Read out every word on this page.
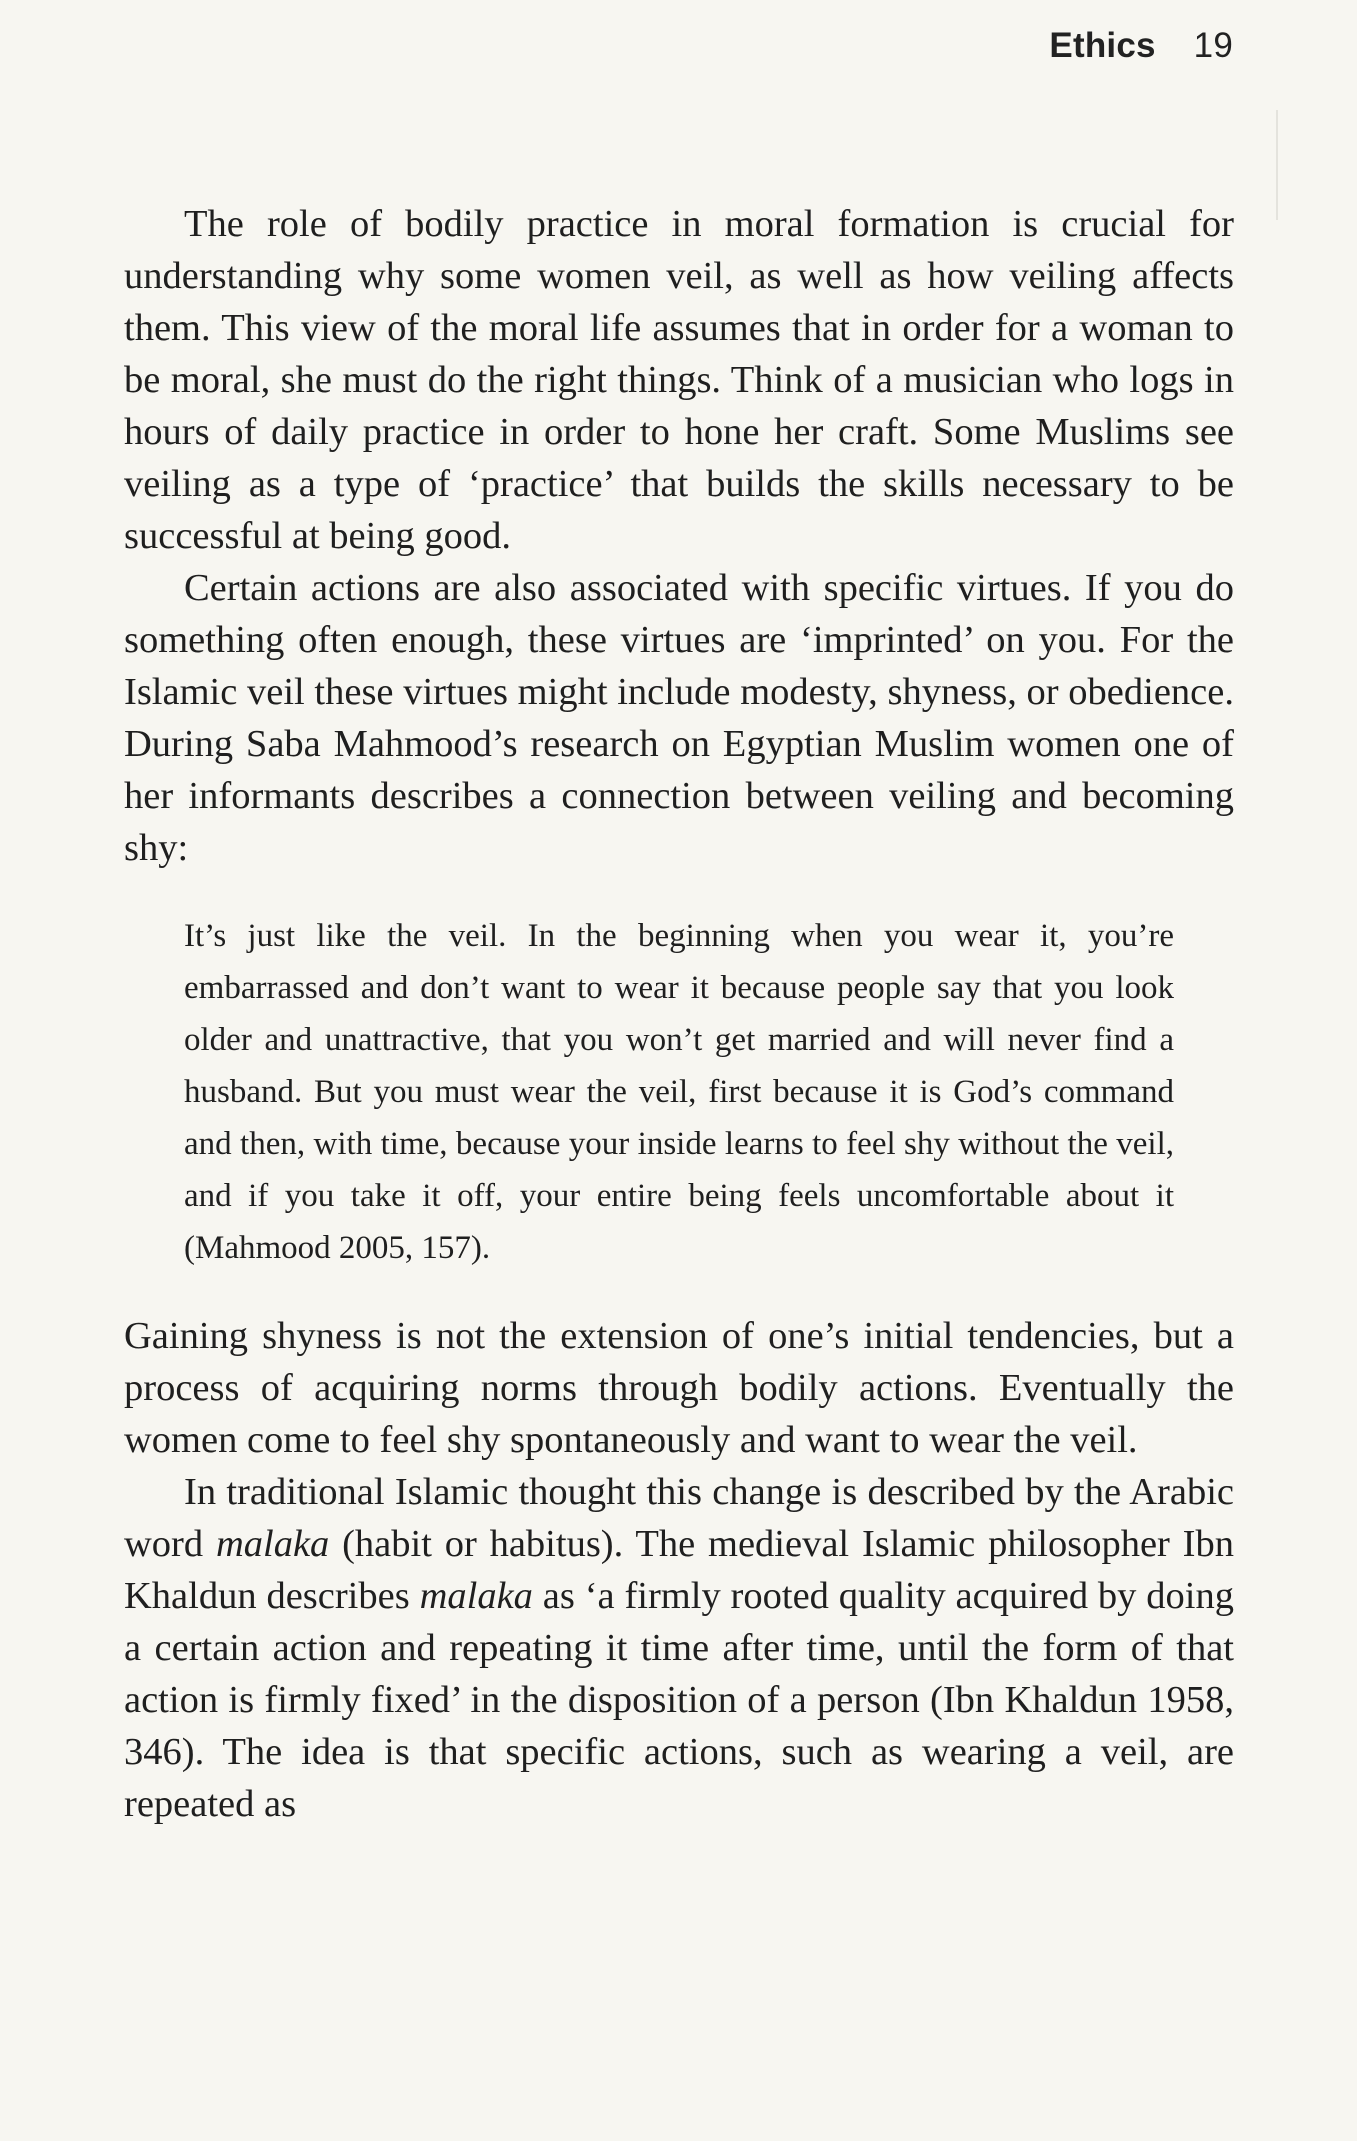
Ethics 19

The role of bodily practice in moral formation is crucial for understanding why some women veil, as well as how veiling affects them. This view of the moral life assumes that in order for a woman to be moral, she must do the right things. Think of a musician who logs in hours of daily practice in order to hone her craft. Some Muslims see veiling as a type of ‘practice’ that builds the skills necessary to be successful at being good.

Certain actions are also associated with specific virtues. If you do something often enough, these virtues are ‘imprinted’ on you. For the Islamic veil these virtues might include modesty, shyness, or obedience. During Saba Mahmood’s research on Egyptian Muslim women one of her informants describes a connection between veiling and becoming shy:

It’s just like the veil. In the beginning when you wear it, you’re embarrassed and don’t want to wear it because people say that you look older and unattractive, that you won’t get married and will never find a husband. But you must wear the veil, first because it is God’s command and then, with time, because your inside learns to feel shy without the veil, and if you take it off, your entire being feels uncomfortable about it (Mahmood 2005, 157).

Gaining shyness is not the extension of one’s initial tendencies, but a process of acquiring norms through bodily actions. Eventually the women come to feel shy spontaneously and want to wear the veil.

In traditional Islamic thought this change is described by the Arabic word malaka (habit or habitus). The medieval Islamic philosopher Ibn Khaldun describes malaka as ‘a firmly rooted quality acquired by doing a certain action and repeating it time after time, until the form of that action is firmly fixed’ in the disposition of a person (Ibn Khaldun 1958, 346). The idea is that specific actions, such as wearing a veil, are repeated as
